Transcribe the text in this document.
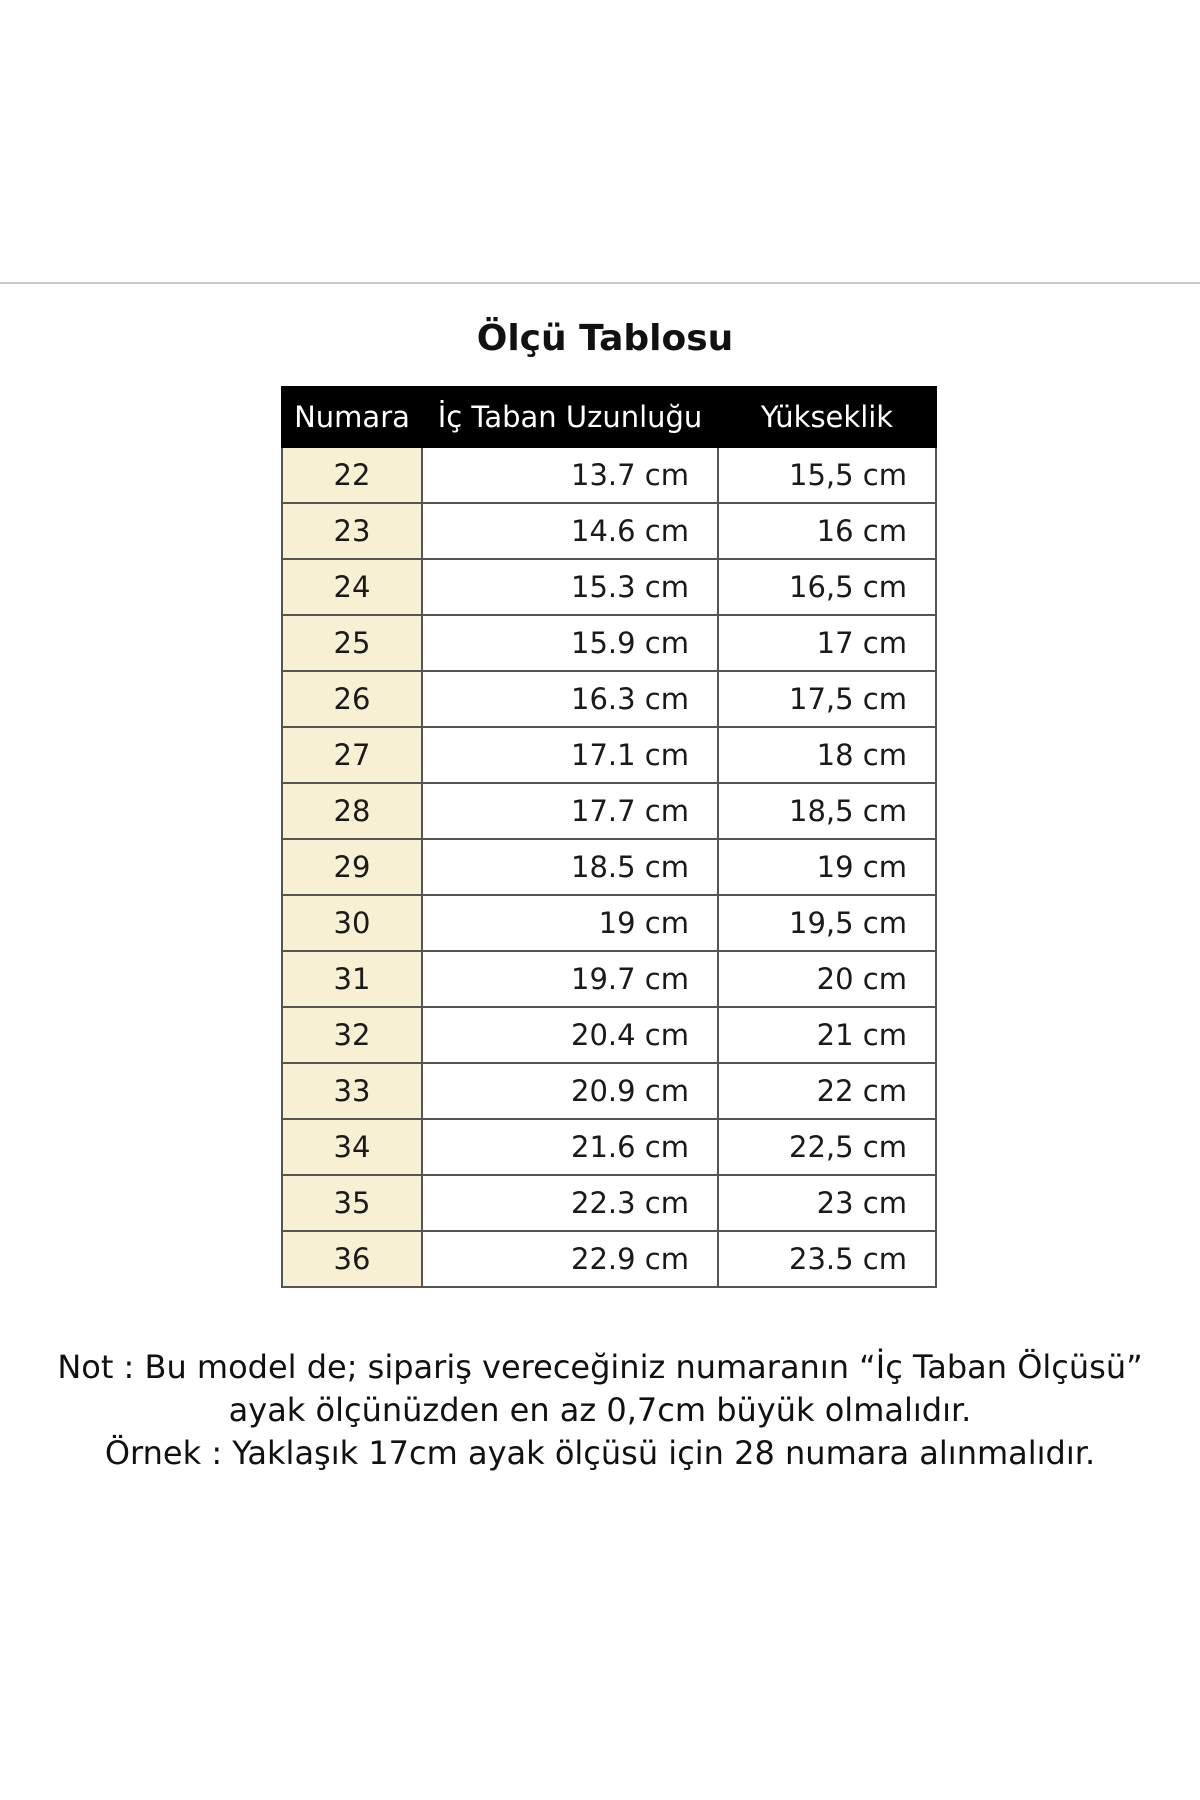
Ölçü Tablosu
Numara	İç Taban Uzunluğu	Yükseklik
22	13.7 cm	15,5 cm
23	14.6 cm	16 cm
24	15.3 cm	16,5 cm
25	15.9 cm	17 cm
26	16.3 cm	17,5 cm
27	17.1 cm	18 cm
28	17.7 cm	18,5 cm
29	18.5 cm	19 cm
30	19 cm	19,5 cm
31	19.7 cm	20 cm
32	20.4 cm	21 cm
33	20.9 cm	22 cm
34	21.6 cm	22,5 cm
35	22.3 cm	23 cm
36	22.9 cm	23.5 cm
Not : Bu model de; sipariş vereceğiniz numaranın “İç Taban Ölçüsü”
ayak ölçünüzden en az 0,7cm büyük olmalıdır.
Örnek : Yaklaşık 17cm ayak ölçüsü için 28 numara alınmalıdır.
